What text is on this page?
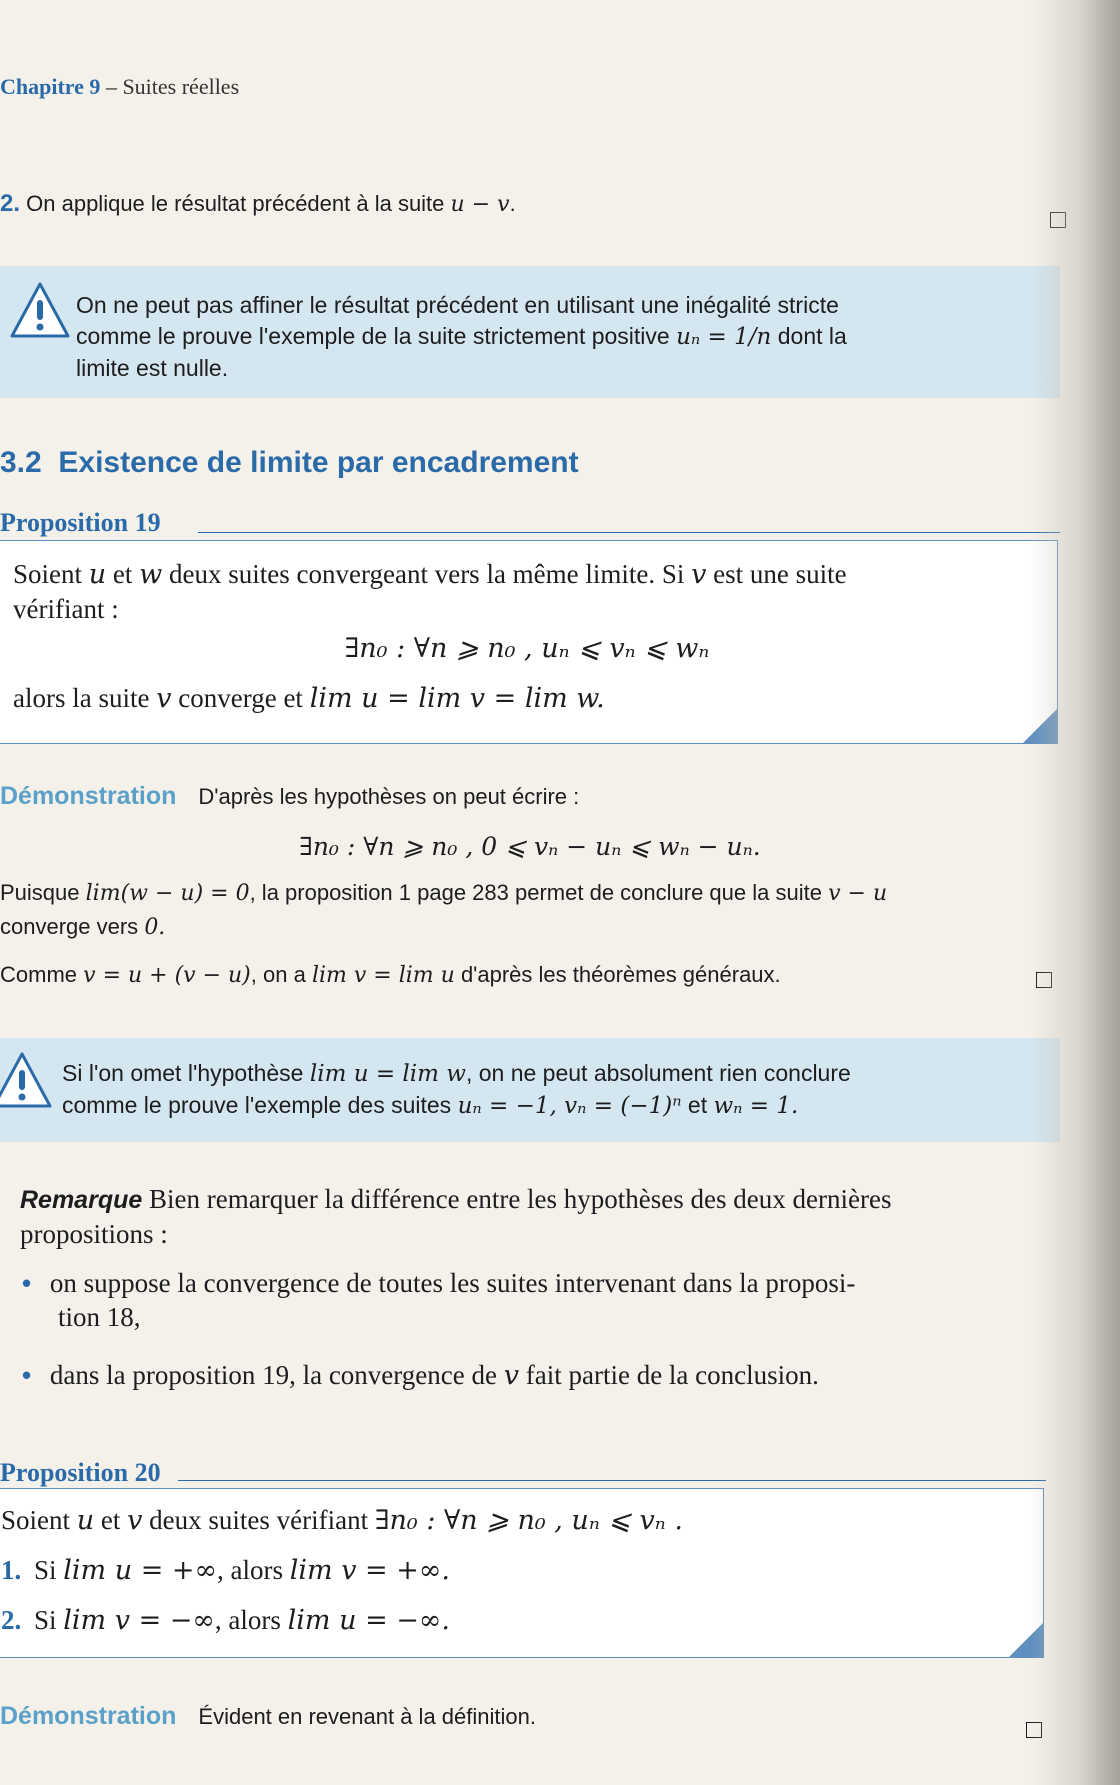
Chapitre 9 – Suites réelles
2. On applique le résultat précédent à la suite u − v.
On ne peut pas affiner le résultat précédent en utilisant une inégalité stricte
comme le prouve l'exemple de la suite strictement positive uₙ = 1/n dont la
limite est nulle.
3.2 Existence de limite par encadrement
Proposition 19
Soient u et w deux suites convergeant vers la même limite. Si v est une suite
vérifiant :
∃n₀ : ∀n ⩾ n₀ , uₙ ⩽ vₙ ⩽ wₙ
alors la suite v converge et lim u = lim v = lim w.
Démonstration D'après les hypothèses on peut écrire :
∃n₀ : ∀n ⩾ n₀ , 0 ⩽ vₙ − uₙ ⩽ wₙ − uₙ.
Puisque lim(w − u) = 0, la proposition 1 page 283 permet de conclure que la suite v − u
converge vers 0.
Comme v = u + (v − u), on a lim v = lim u d'après les théorèmes généraux.
Si l'on omet l'hypothèse lim u = lim w, on ne peut absolument rien conclure
comme le prouve l'exemple des suites uₙ = −1, vₙ = (−1)ⁿ et wₙ = 1.
Remarque Bien remarquer la différence entre les hypothèses des deux dernières
propositions :
• on suppose la convergence de toutes les suites intervenant dans la proposi-
tion 18,
• dans la proposition 19, la convergence de v fait partie de la conclusion.
Proposition 20
Soient u et v deux suites vérifiant ∃n₀ : ∀n ⩾ n₀ , uₙ ⩽ vₙ .
1. Si lim u = +∞, alors lim v = +∞.
2. Si lim v = −∞, alors lim u = −∞.
Démonstration Évident en revenant à la définition.
